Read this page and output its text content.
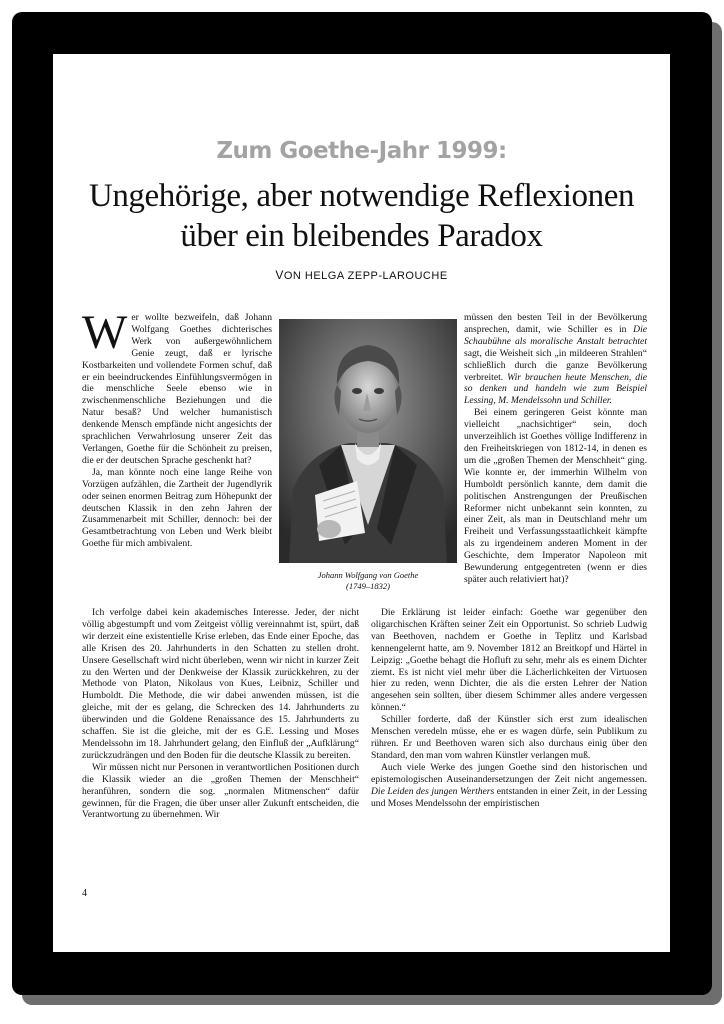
Zum Goethe-Jahr 1999:
Ungehörige, aber notwendige Reflexionen
über ein bleibendes Paradox
VON HELGA ZEPP-LAROUCHE

Wer wollte bezweifeln, daß Johann Wolfgang Goethes dichterisches Werk von außergewöhnlichem Genie zeugt, daß er lyrische Kostbarkeiten und vollendete Formen schuf, daß er ein beeindruckendes Einfühlungsvermögen in die menschliche Seele ebenso wie in zwischenmenschliche Beziehungen und die Natur besaß? Und welcher humanistisch denkende Mensch empfände nicht angesichts der sprachlichen Verwahrlosung unserer Zeit das Verlangen, Goethe für die Schönheit zu preisen, die er der deutschen Sprache geschenkt hat?

Ja, man könnte noch eine lange Reihe von Vorzügen aufzählen, die Zartheit der Jugendlyrik oder seinen enormen Beitrag zum Höhepunkt der deutschen Klassik in den zehn Jahren der Zusammenarbeit mit Schiller, dennoch: bei der Gesamtbetrachtung von Leben und Werk bleibt Goethe für mich ambivalent.

Johann Wolfgang von Goethe
(1749–1832)

müssen den besten Teil in der Bevölkerung ansprechen, damit, wie Schiller es in Die Schaubühne als moralische Anstalt betrachtet sagt, die Weisheit sich „in mildeeren Strahlen“ schließlich durch die ganze Bevölkerung verbreitet. Wir brauchen heute Menschen, die so denken und handeln wie zum Beispiel Lessing, M. Mendelssohn und Schiller.

Bei einem geringeren Geist könnte man vielleicht „nachsichtiger“ sein, doch unverzeihlich ist Goethes völlige Indifferenz in den Freiheitskriegen von 1812-14, in denen es um die „großen Themen der Menschheit“ ging. Wie konnte er, der immerhin Wilhelm von Humboldt persönlich kannte, dem damit die politischen Anstrengungen der Preußischen Reformer nicht unbekannt sein konnten, zu einer Zeit, als man in Deutschland mehr um Freiheit und Verfassungsstaatlichkeit kämpfte als zu irgendeinem anderen Moment in der Geschichte, dem Imperator Napoleon mit Bewunderung entgegentreten (wenn er dies später auch relativiert hat)?

Ich verfolge dabei kein akademisches Interesse. Jeder, der nicht völlig abgestumpft und vom Zeitgeist völlig vereinnahmt ist, spürt, daß wir derzeit eine existentielle Krise erleben, das Ende einer Epoche, das alle Krisen des 20. Jahrhunderts in den Schatten zu stellen droht. Unsere Gesellschaft wird nicht überleben, wenn wir nicht in kurzer Zeit zu den Werten und der Denkweise der Klassik zurückkehren, zu der Methode von Platon, Nikolaus von Kues, Leibniz, Schiller und Humboldt. Die Methode, die wir dabei anwenden müssen, ist die gleiche, mit der es gelang, die Schrecken des 14. Jahrhunderts zu überwinden und die Goldene Renaissance des 15. Jahrhunderts zu schaffen. Sie ist die gleiche, mit der es G.E. Lessing und Moses Mendelssohn im 18. Jahrhundert gelang, den Einfluß der „Aufklärung“ zurückzudrängen und den Boden für die deutsche Klassik zu bereiten.

Wir müssen nicht nur Personen in verantwortlichen Positionen durch die Klassik wieder an die „großen Themen der Menschheit“ heranführen, sondern die sog. „normalen Mitmenschen“ dafür gewinnen, für die Fragen, die über unser aller Zukunft entscheiden, die Verantwortung zu übernehmen. Wir

Die Erklärung ist leider einfach: Goethe war gegenüber den oligarchischen Kräften seiner Zeit ein Opportunist. So schrieb Ludwig van Beethoven, nachdem er Goethe in Teplitz und Karlsbad kennengelernt hatte, am 9. November 1812 an Breitkopf und Härtel in Leipzig: „Goethe behagt die Hofluft zu sehr, mehr als es einem Dichter ziemt. Es ist nicht viel mehr über die Lächerlichkeiten der Virtuosen hier zu reden, wenn Dichter, die als die ersten Lehrer der Nation angesehen sein sollten, über diesem Schimmer alles andere vergessen können.“

Schiller forderte, daß der Künstler sich erst zum idealischen Menschen veredeln müsse, ehe er es wagen dürfe, sein Publikum zu rühren. Er und Beethoven waren sich also durchaus einig über den Standard, den man vom wahren Künstler verlangen muß.

Auch viele Werke des jungen Goethe sind den historischen und epistemologischen Auseinandersetzungen der Zeit nicht angemessen. Die Leiden des jungen Werthers entstanden in einer Zeit, in der Lessing und Moses Mendelssohn der empiristischen

4
